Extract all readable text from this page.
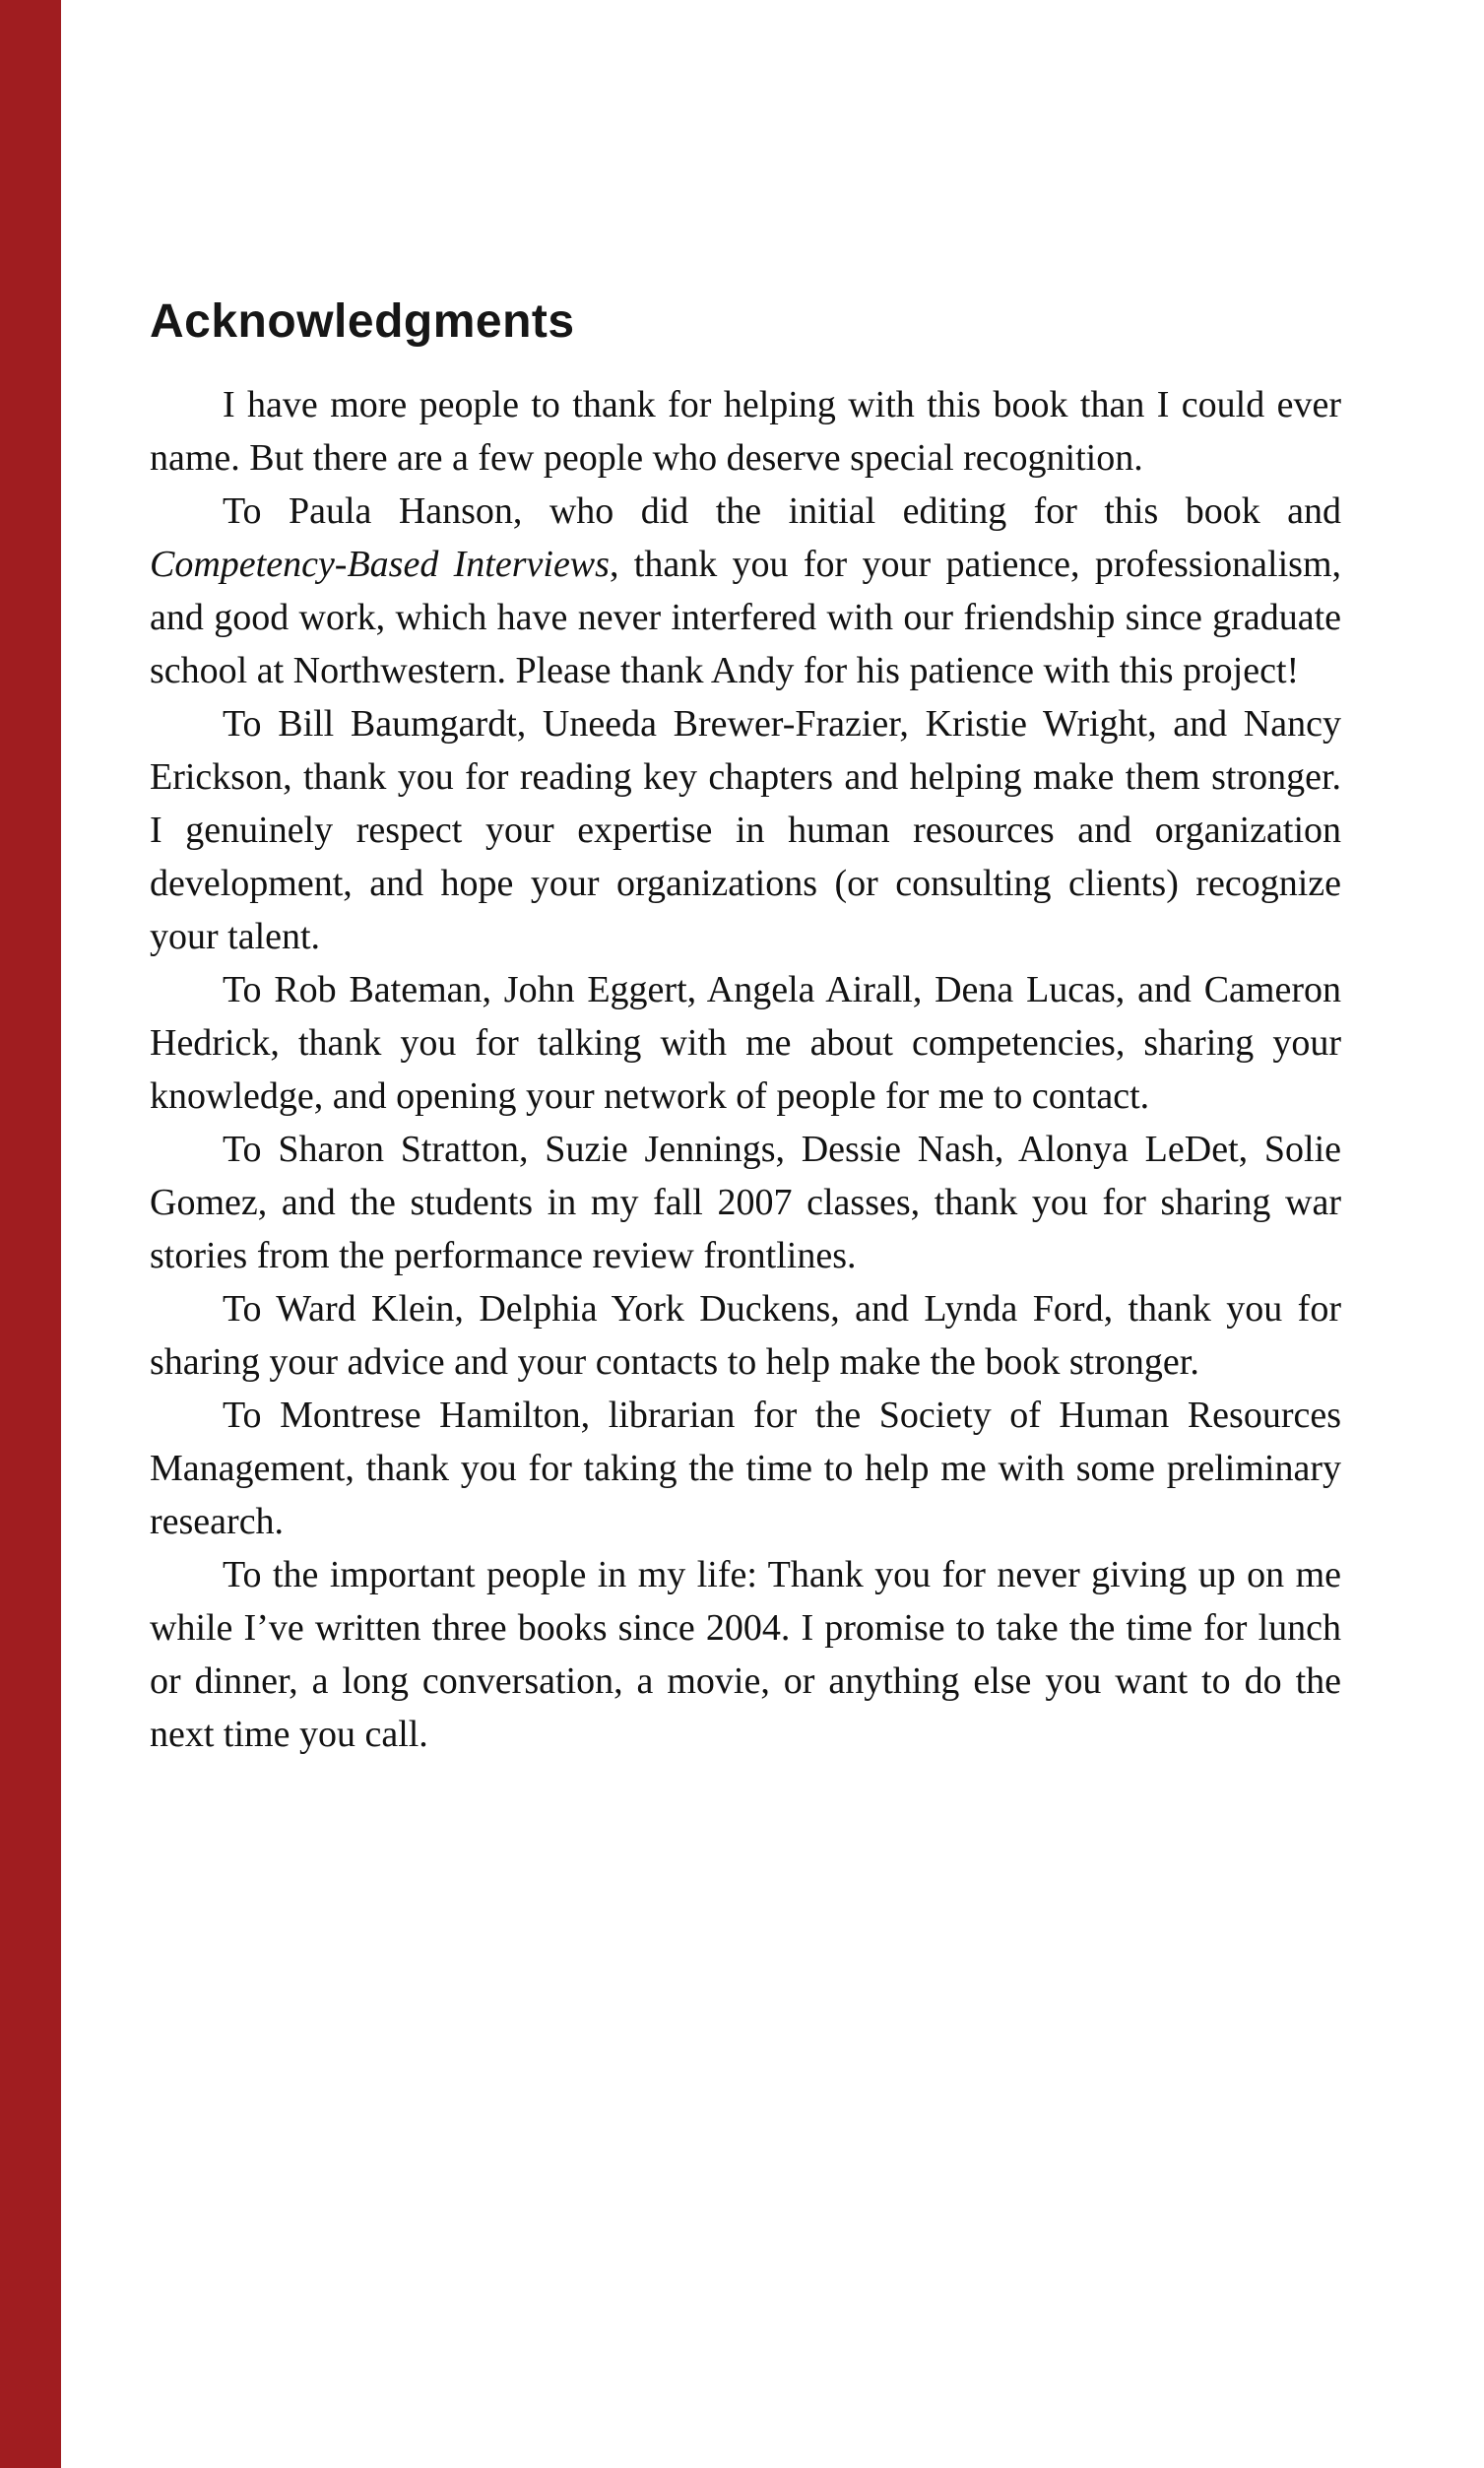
Acknowledgments

I have more people to thank for helping with this book than I could ever name. But there are a few people who deserve special recognition.

To Paula Hanson, who did the initial editing for this book and Competency-Based Interviews, thank you for your patience, professionalism, and good work, which have never interfered with our friendship since graduate school at Northwestern. Please thank Andy for his patience with this project!

To Bill Baumgardt, Uneeda Brewer-Frazier, Kristie Wright, and Nancy Erickson, thank you for reading key chapters and helping make them stronger. I genuinely respect your expertise in human resources and organization development, and hope your organizations (or consulting clients) recognize your talent.

To Rob Bateman, John Eggert, Angela Airall, Dena Lucas, and Cameron Hedrick, thank you for talking with me about competencies, sharing your knowledge, and opening your network of people for me to contact.

To Sharon Stratton, Suzie Jennings, Dessie Nash, Alonya LeDet, Solie Gomez, and the students in my fall 2007 classes, thank you for sharing war stories from the performance review frontlines.

To Ward Klein, Delphia York Duckens, and Lynda Ford, thank you for sharing your advice and your contacts to help make the book stronger.

To Montrese Hamilton, librarian for the Society of Human Resources Management, thank you for taking the time to help me with some preliminary research.

To the important people in my life: Thank you for never giving up on me while I’ve written three books since 2004. I promise to take the time for lunch or dinner, a long conversation, a movie, or anything else you want to do the next time you call.
